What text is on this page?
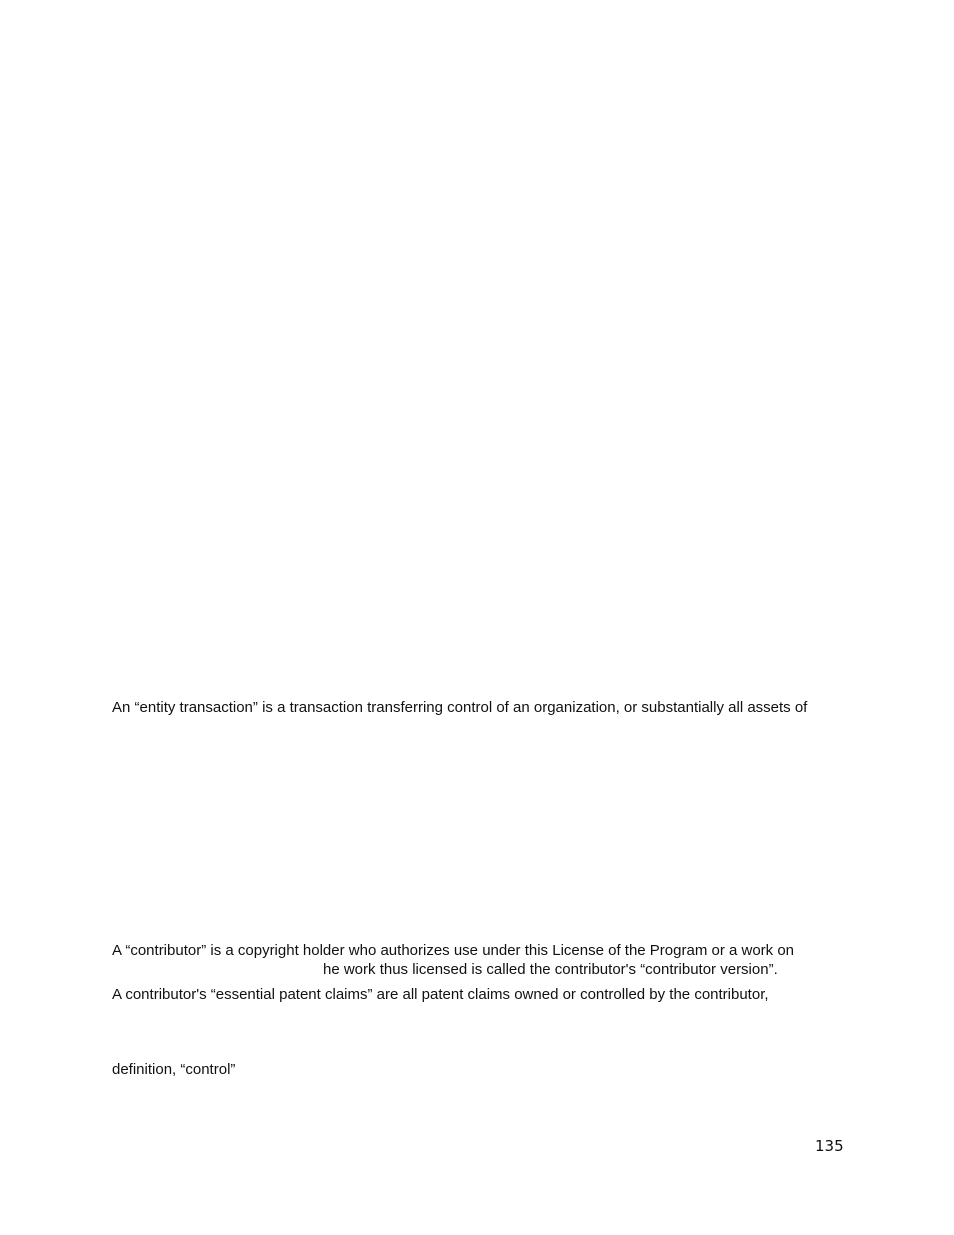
An “entity transaction” is a transaction transferring control of an organization, or substantially all assets of
A “contributor” is a copyright holder who authorizes use under this License of the Program or a work on
he work thus licensed is called the contributor's “contributor version”.
A contributor's “essential patent claims” are all patent claims owned or controlled by the contributor,
definition, “control”
135
